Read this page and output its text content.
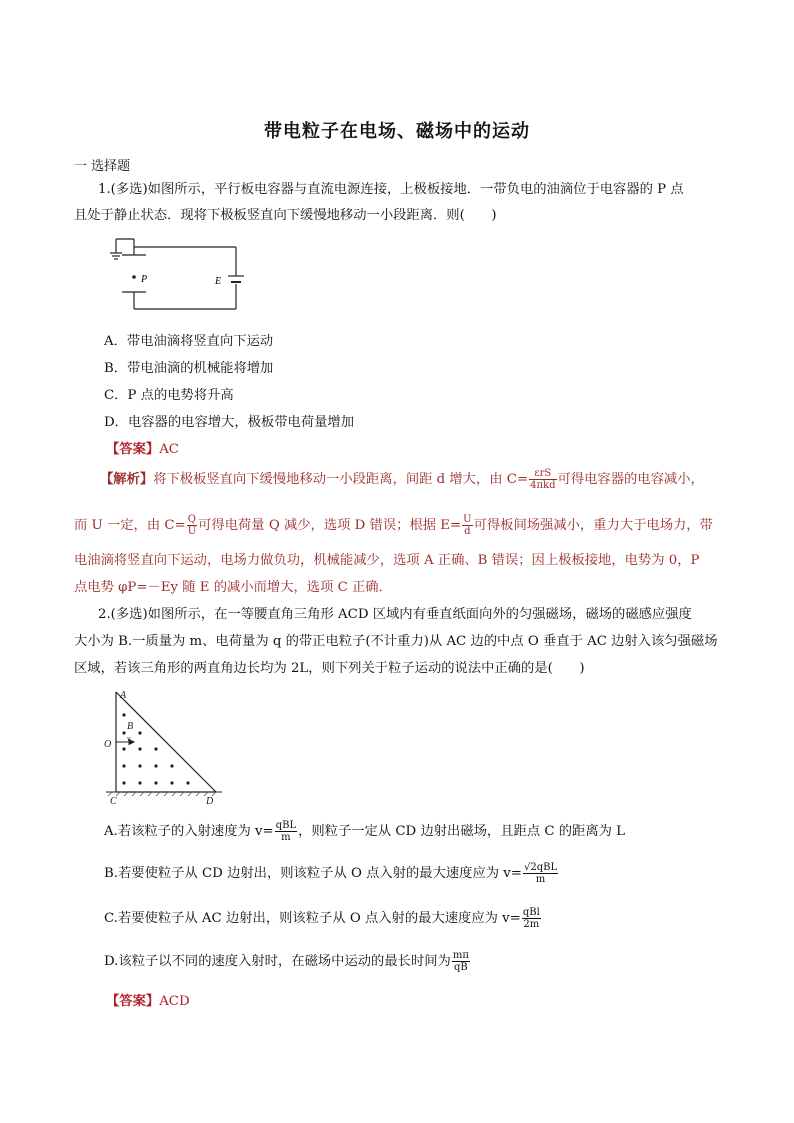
带电粒子在电场、磁场中的运动
一 选择题
1.(多选)如图所示，平行板电容器与直流电源连接，上极板接地．一带负电的油滴位于电容器的 P 点
且处于静止状态．现将下极板竖直向下缓慢地移动一小段距离．则(　　)
P	E
A．带电油滴将竖直向下运动
B．带电油滴的机械能将增加
C．P 点的电势将升高
D．电容器的电容增大，极板带电荷量增加
【答案】AC
【解析】将下极板竖直向下缓慢地移动一小段距离，间距 d 增大，由 $C= \frac{\text{εrS}}{\text{4πkd}}$ 可得电容器的电容减小，
而 U 一定，由 $C= \frac{Q}{U}$ 可得电荷量 Q 减少，选项 D 错误；根据 $E= \frac{U}{d}$ 可得板间场强减小，重力大于电场力，带
电油滴将竖直向下运动，电场力做负功，机械能减少，选项 A 正确、B 错误；因上极板接地，电势为 0，P
点电势 φP=－Ey 随 E 的减小而增大，选项 C 正确．
2.(多选)如图所示，在一等腰直角三角形 ACD 区域内有垂直纸面向外的匀强磁场，磁场的磁感应强度
大小为 B.一质量为 m、电荷量为 q 的带正电粒子(不计重力)从 AC 边的中点 O 垂直于 AC 边射入该匀强磁场
区域，若该三角形的两直角边长均为 2L，则下列关于粒子运动的说法中正确的是(　　)
A
B
O
v
C	D
A.若该粒子的入射速度为 $v= \frac{\text{qBL}}{m}$ ，则粒子一定从 CD 边射出磁场，且距点 C 的距离为 L
B.若要使粒子从 CD 边射出，则该粒子从 O 点入射的最大速度应为 $v= \frac{\text{√2qBL}}{m}$
C.若要使粒子从 AC 边射出，则该粒子从 O 点入射的最大速度应为 $v= \frac{\text{qBl}}{2m}$
D.该粒子以不同的速度入射时，在磁场中运动的最长时间为 $\frac{m\pi}{qB}$
【答案】ACD
